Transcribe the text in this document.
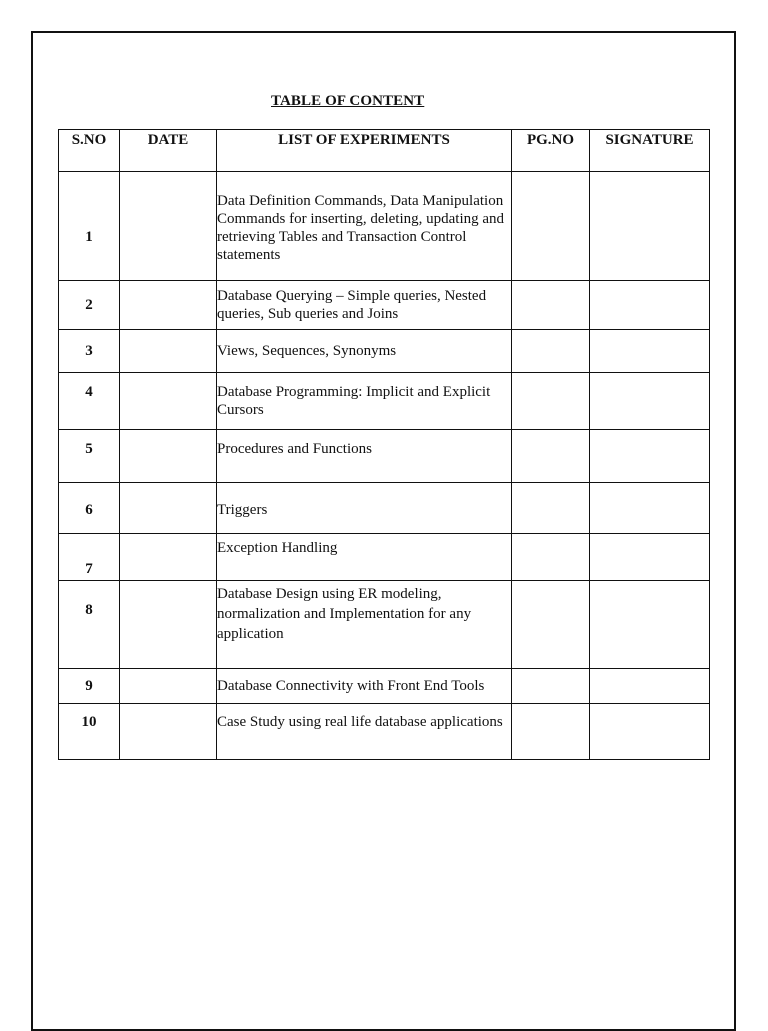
TABLE OF CONTENT
S.NO	DATE	LIST OF EXPERIMENTS	PG.NO	SIGNATURE
1		Data Definition Commands, Data Manipulation Commands for inserting, deleting, updating and retrieving Tables and Transaction Control statements		
2		Database Querying – Simple queries, Nested queries, Sub queries and Joins		
3		Views, Sequences, Synonyms		
4		Database Programming: Implicit and Explicit Cursors		
5		Procedures and Functions		
6		Triggers		
7		Exception Handling		
8		Database Design using ER modeling, normalization and Implementation for any application		
9		Database Connectivity with Front End Tools		
10		Case Study using real life database applications		
